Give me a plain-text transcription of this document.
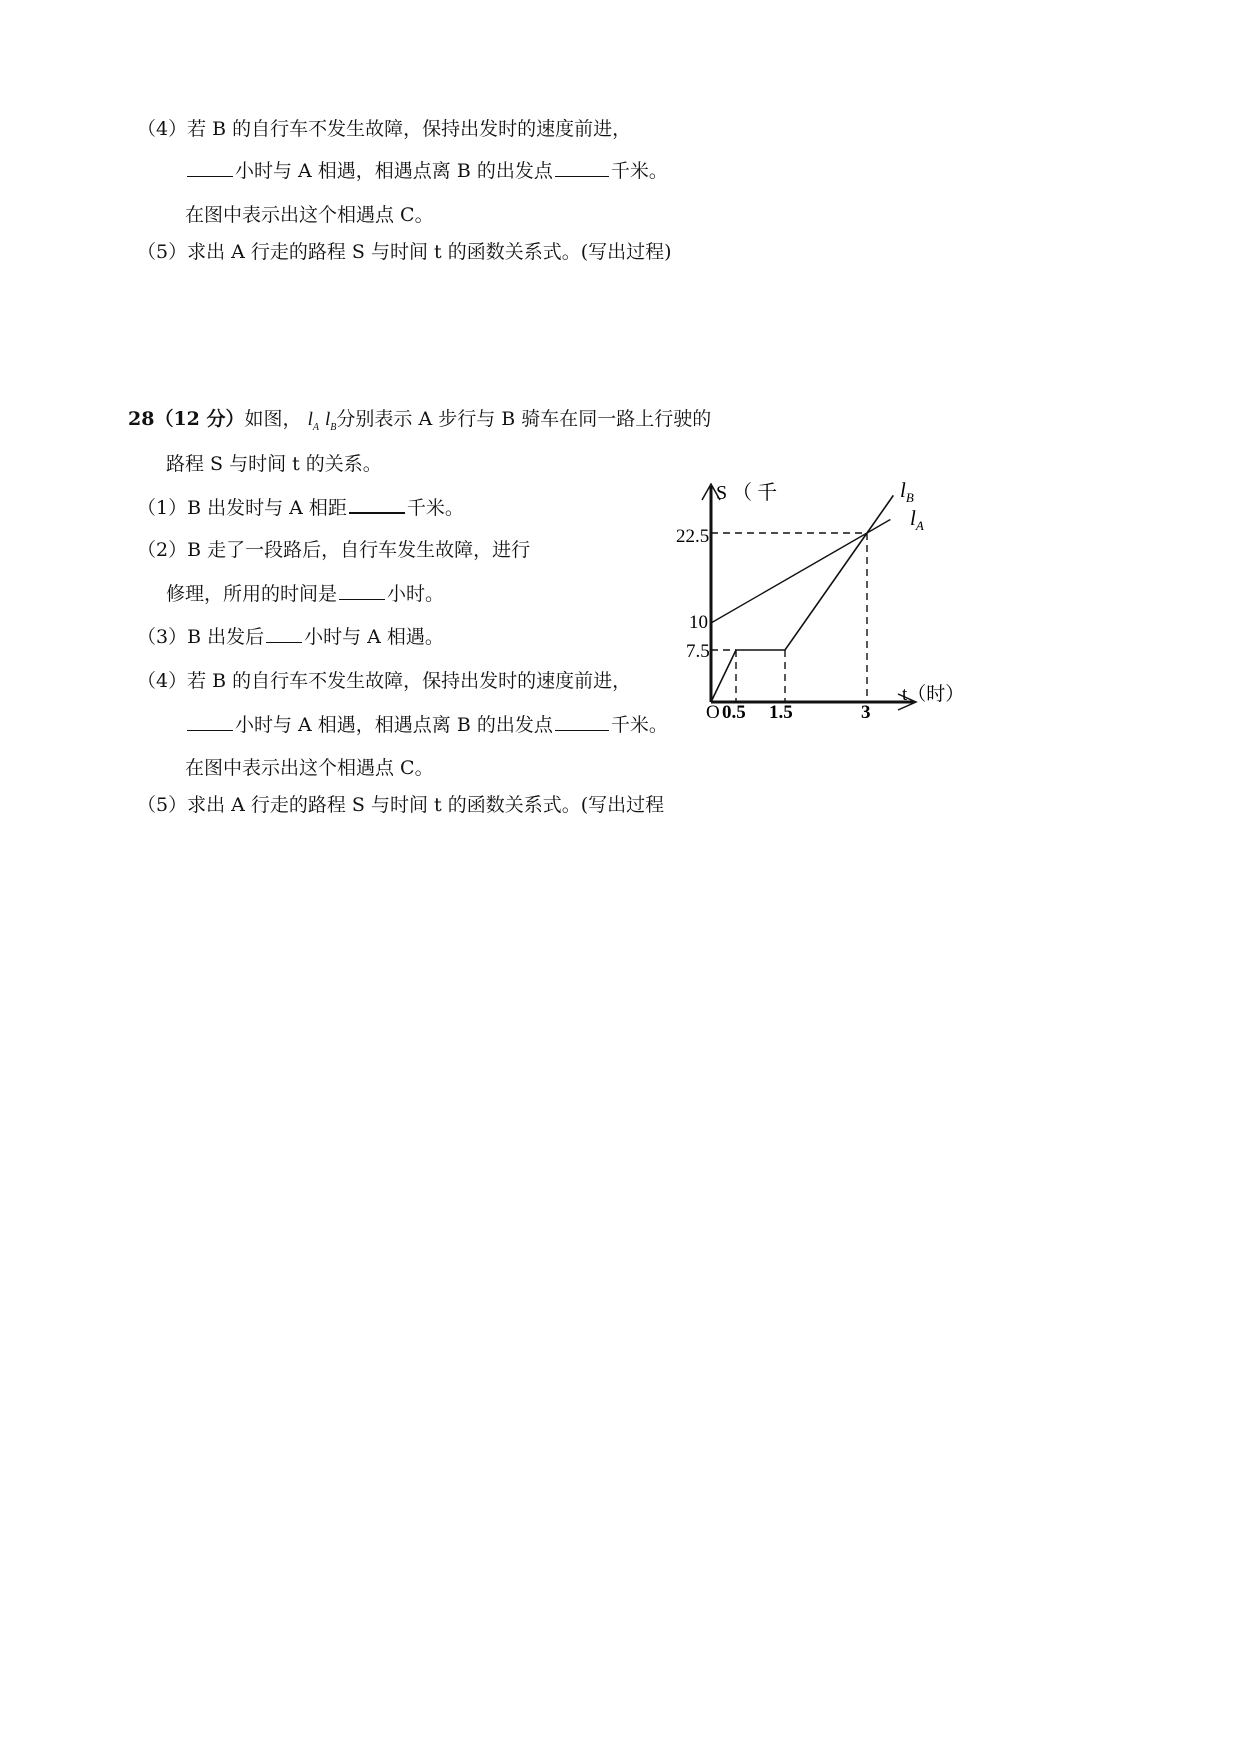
（4）若 B 的自行车不发生故障，保持出发时的速度前进，
小时与 A 相遇，相遇点离 B 的出发点	千米。
在图中表示出这个相遇点 C。
（5）求出 A 行走的路程 S 与时间 t 的函数关系式。(写出过程)
28（12 分）如图， $l_A$ $l_B$分别表示 A 步行与 B 骑车在同一路上行驶的
路程 S 与时间 t 的关系。
（1）B 出发时与 A 相距	千米。
（2）B 走了一段路后，自行车发生故障，进行
修理，所用的时间是	小时。
（3）B 出发后 小时与 A 相遇。
（4）若 B 的自行车不发生故障，保持出发时的速度前进，
小时与 A 相遇，相遇点离 B 的出发点	千米。
在图中表示出这个相遇点 C。
（5）求出 A 行走的路程 S 与时间 t 的函数关系式。(写出过程
S （ 千
t（时）
O
22.5
10
7.5
0.5 1.5	3
$l_B$
$l_A$
